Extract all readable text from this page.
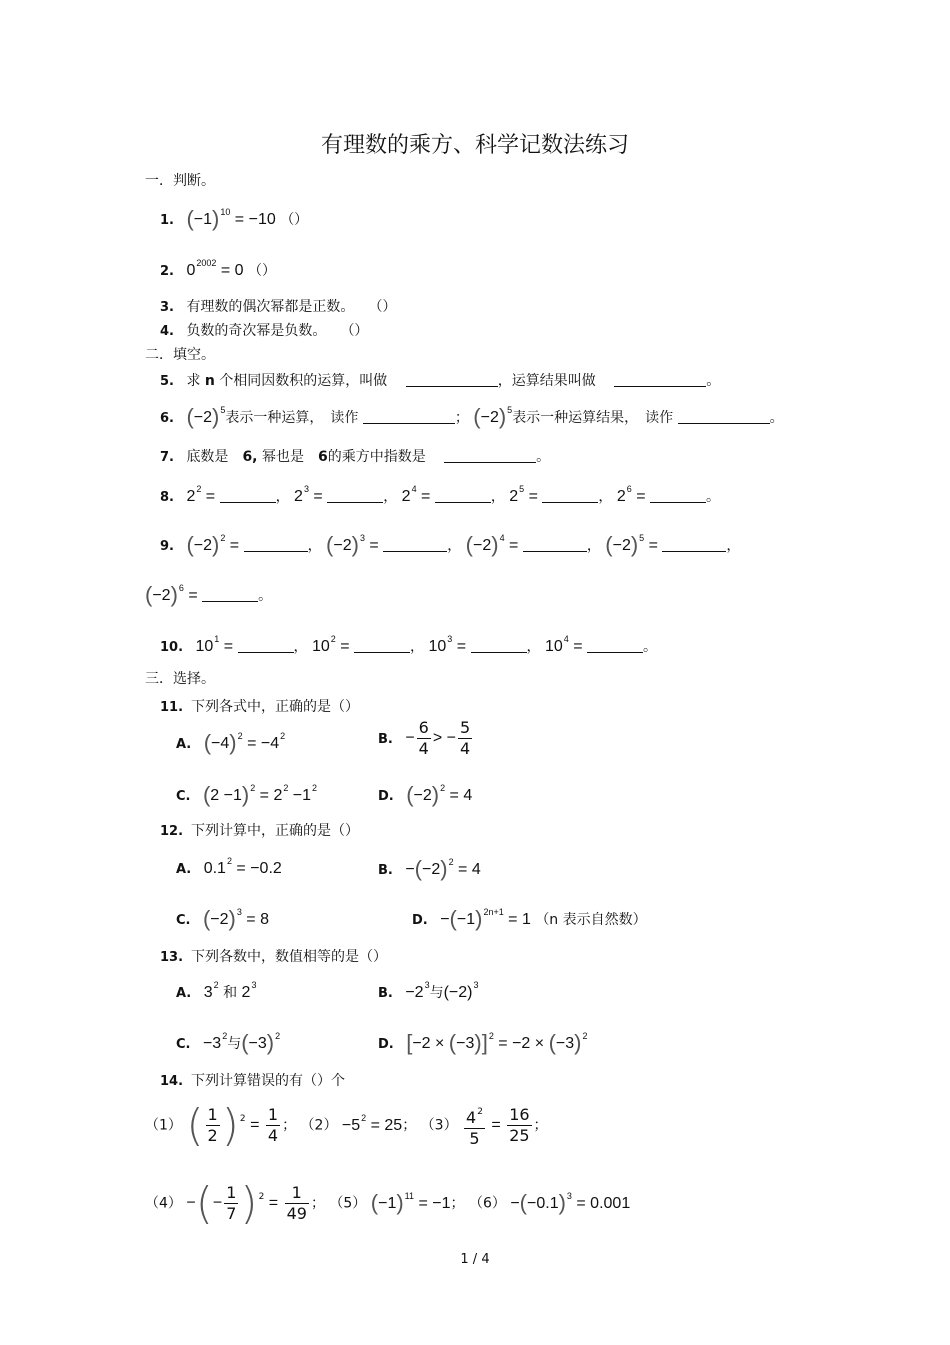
有理数的乘方、科学记数法练习
一．判断。
1. $(-1)^{10} = -10$ （）
2. $0^{2002} = 0$ （）
3. 有理数的偶次幂都是正数。　　 （）
4. 负数的奇次幂是负数。　　 （）
二．填空。
5. 求 n 个相同因数积的运算，叫做 　	，运算结果叫做 　	。
6. $(-2)^5$表示一种运算，　读作	； $(-2)^5$表示一种运算结果，　读作	。
7. 底数是　 6, 幂也是　 6的乘方中指数是 　	。
8. $2^2$ =	， $2^3$ =	， $2^4$ =	， $2^5$ =	， $2^6$ =	。
9. $(-2)^2$ =	， $(-2)^3$ =	， $(-2)^4$ =	， $(-2)^5$ =	，
$(-2)^6$ =	。
10. $10^1$ =	， $10^2$ =	， $10^3$ =	， $10^4$ =	。
三．选择。
11. 下列各式中，正确的是（）
A. $(-4)^2 = -4^2$	B. − $\frac{6}{4}$ > − $\frac{5}{4}$
C. $(2 -1)^2 = 2^2 -1^2$
D. $(-2)^2 = 4$
12. 下列计算中，正确的是（）
A. $0.1^2 = -0.2$	B. $-(-2)^2 = 4$
C. $(-2)^3 = 8$	D. $-(-1)^{2n+1} = 1$ （n 表示自然数）
13. 下列各数中，数值相等的是（）
A. $3^2$ 和 $2^3$
B. $-2^3$与$(-2)^3$
C. $-3^2$与$(-3)^2$
D. $[-2 \times (-3)]^2 = -2 \times (-3)^2$
14. 下列计算错误的有（）个
（1） ( $\frac{1}{2} )^2 = \frac{1}{4}$ ； $(2) -5^2 = 25$； $(3) \frac{4^2}{5} = \frac{16}{25}$ ；
（4） −(− $\frac{1}{7} )^2 = \frac{1}{49}$ ； （5） $(-1)^{11} = -1$； $(6) -(-0.1)^3 = 0.001$
1 / 4
